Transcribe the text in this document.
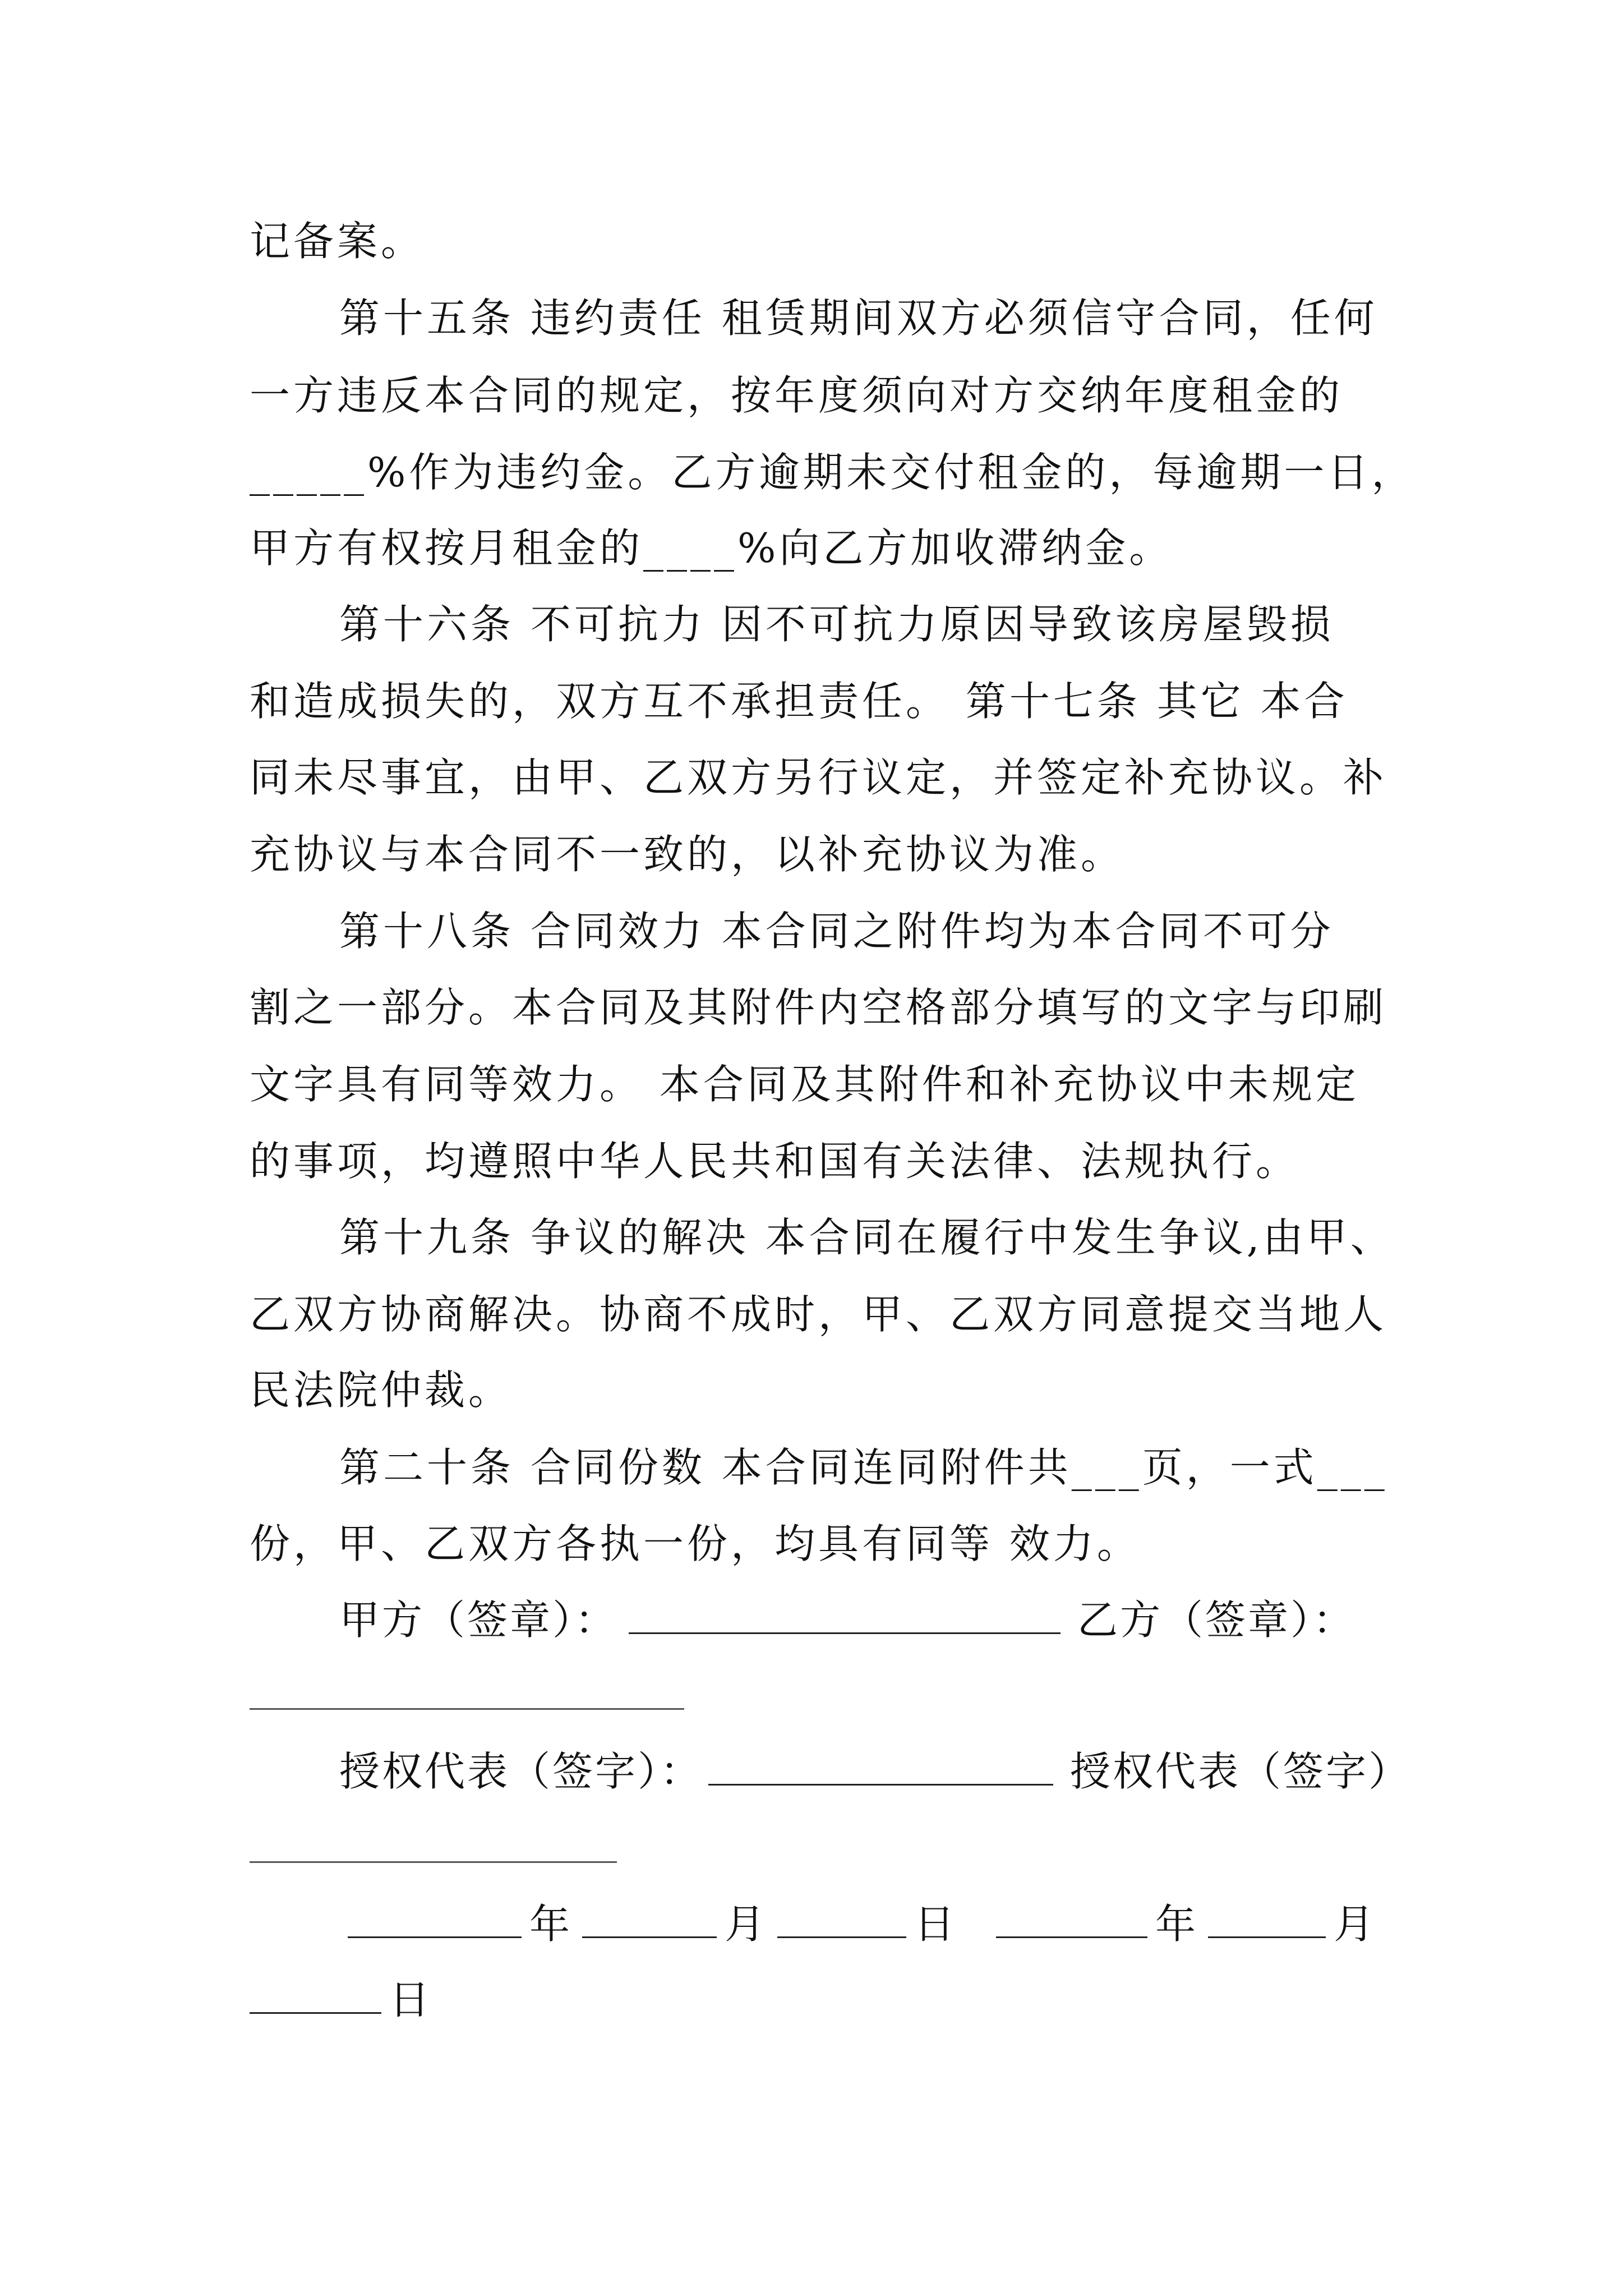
记备案。
第十五条 违约责任 租赁期间双方必须信守合同，任何
一方违反本合同的规定，按年度须向对方交纳年度租金的
_____%作为违约金。乙方逾期未交付租金的，每逾期一日，
甲方有权按月租金的____%向乙方加收滞纳金。
第十六条 不可抗力 因不可抗力原因导致该房屋毁损
和造成损失的，双方互不承担责任。 第十七条 其它 本合
同未尽事宜，由甲、乙双方另行议定，并签定补充协议。补
充协议与本合同不一致的，以补充协议为准。
第十八条 合同效力 本合同之附件均为本合同不可分
割之一部分。本合同及其附件内空格部分填写的文字与印刷
文字具有同等效力。 本合同及其附件和补充协议中未规定
的事项，均遵照中华人民共和国有关法律、法规执行。
第十九条 争议的解决 本合同在履行中发生争议,由甲、
乙双方协商解决。协商不成时，甲、乙双方同意提交当地人
民法院仲裁。
第二十条 合同份数 本合同连同附件共___页，一式___
份，甲、乙双方各执一份，均具有同等 效力。
甲方（签章）：	乙方（签章）：
授权代表（签字）：	授权代表（签字）
年	月	日	年	月
日
